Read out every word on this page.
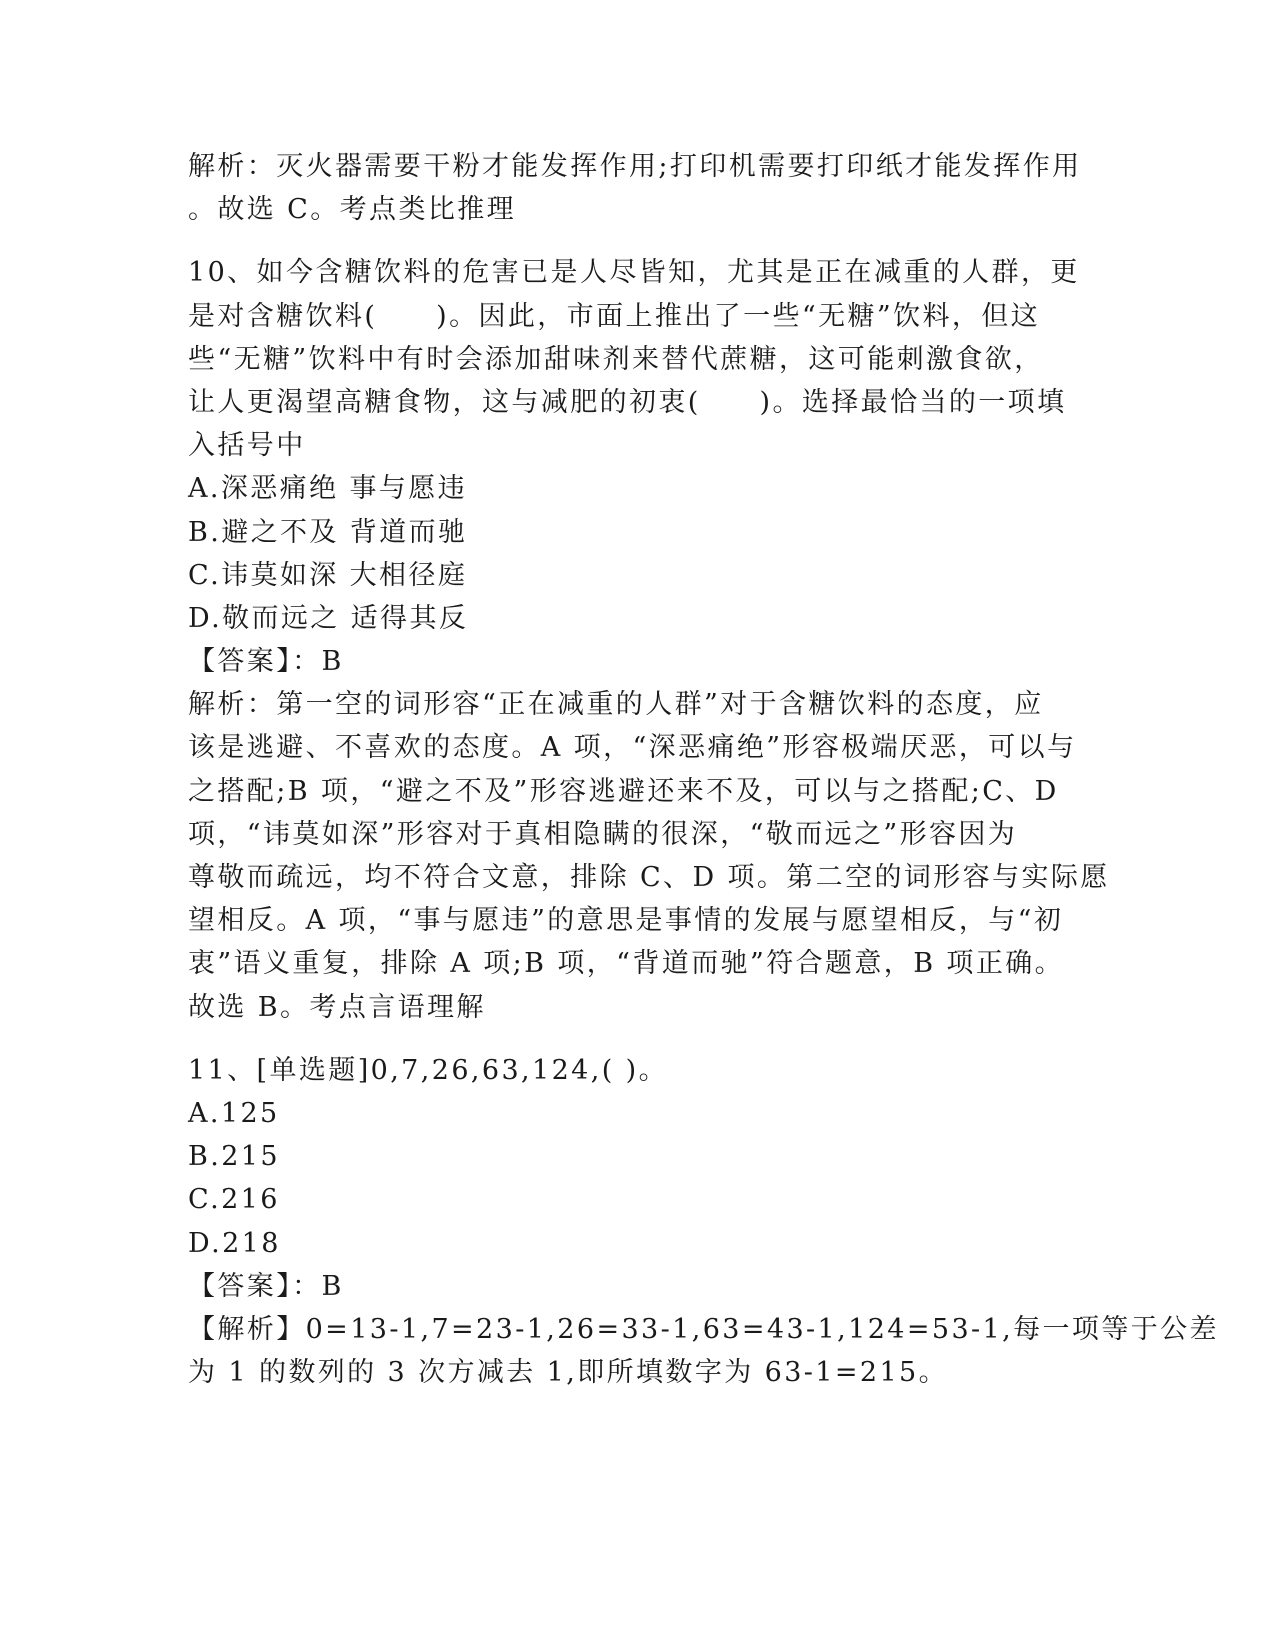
解析：灭火器需要干粉才能发挥作用;打印机需要打印纸才能发挥作用
。故选 C。考点类比推理
10、如今含糖饮料的危害已是人尽皆知，尤其是正在减重的人群，更
是对含糖饮料(　　)。因此，市面上推出了一些“无糖”饮料，但这
些“无糖”饮料中有时会添加甜味剂来替代蔗糖，这可能刺激食欲，
让人更渴望高糖食物，这与减肥的初衷(　　)。选择最恰当的一项填
入括号中
A.深恶痛绝 事与愿违
B.避之不及 背道而驰
C.讳莫如深 大相径庭
D.敬而远之 适得其反
【答案】：B
解析：第一空的词形容“正在减重的人群”对于含糖饮料的态度，应
该是逃避、不喜欢的态度。A 项，“深恶痛绝”形容极端厌恶，可以与
之搭配;B 项，“避之不及”形容逃避还来不及，可以与之搭配;C、D
项，“讳莫如深”形容对于真相隐瞒的很深，“敬而远之”形容因为
尊敬而疏远，均不符合文意，排除 C、D 项。第二空的词形容与实际愿
望相反。A 项，“事与愿违”的意思是事情的发展与愿望相反，与“初
衷”语义重复，排除 A 项;B 项，“背道而驰”符合题意，B 项正确。
故选 B。考点言语理解
11、[单选题]0,7,26,63,124,( )。
A.125
B.215
C.216
D.218
【答案】：B
【解析】0=13-1,7=23-1,26=33-1,63=43-1,124=53-1,每一项等于公差
为 1 的数列的 3 次方减去 1,即所填数字为 63-1=215。
